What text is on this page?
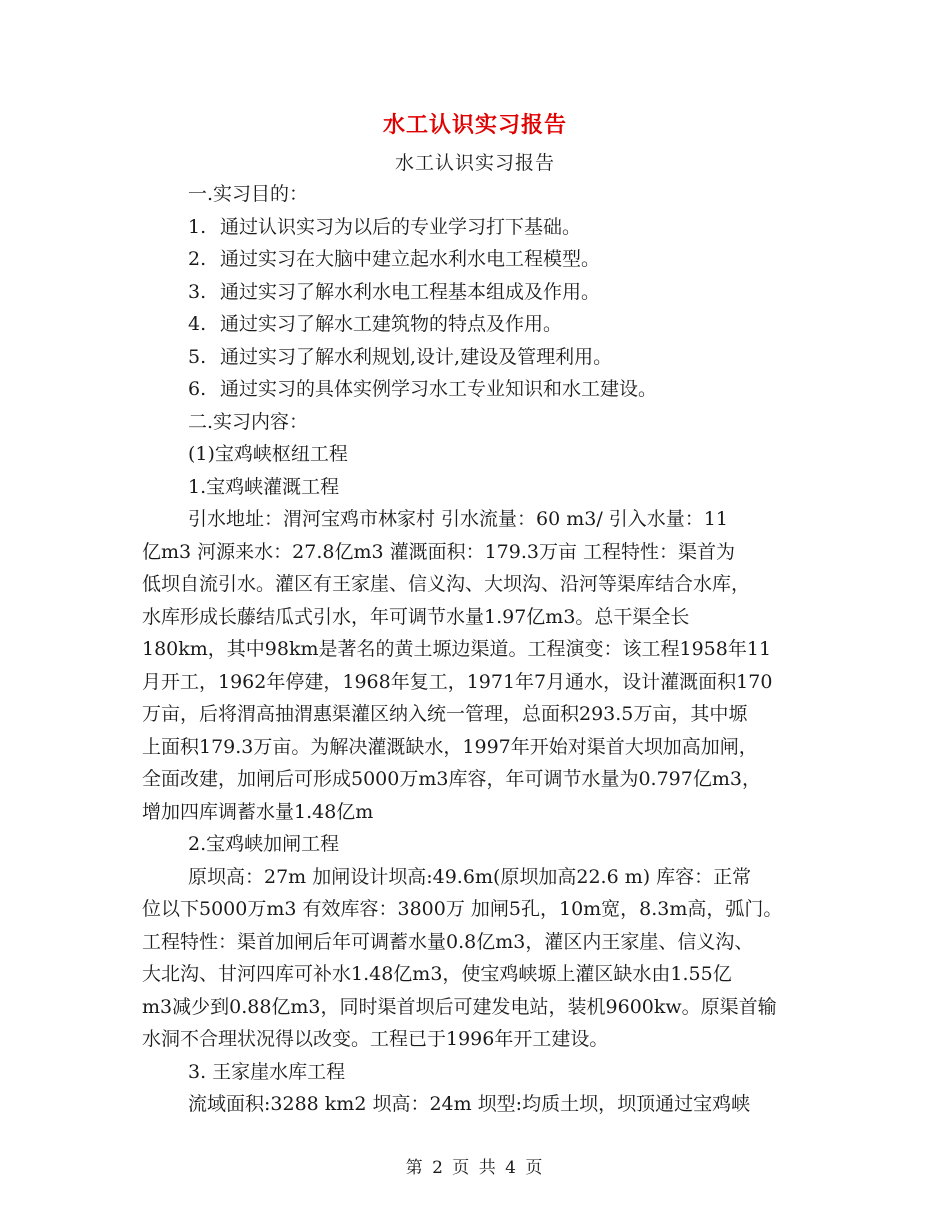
水工认识实习报告
水工认识实习报告
一.实习目的：
1. 通过认识实习为以后的专业学习打下基础。
2. 通过实习在大脑中建立起水利水电工程模型。
3. 通过实习了解水利水电工程基本组成及作用。
4. 通过实习了解水工建筑物的特点及作用。
5. 通过实习了解水利规划,设计,建设及管理利用。
6. 通过实习的具体实例学习水工专业知识和水工建设。
二.实习内容：
(1)宝鸡峡枢纽工程
1.宝鸡峡灌溉工程
引水地址：渭河宝鸡市林家村 引水流量：60 m3/ 引入水量：11
亿m3 河源来水：27.8亿m3 灌溉面积：179.3万亩 工程特性：渠首为
低坝自流引水。灌区有王家崖、信义沟、大坝沟、沿河等渠库结合水库，
水库形成长藤结瓜式引水，年可调节水量1.97亿m3。总干渠全长
180km，其中98km是著名的黄土塬边渠道。工程演变：该工程1958年11
月开工，1962年停建，1968年复工，1971年7月通水，设计灌溉面积170
万亩，后将渭高抽渭惠渠灌区纳入统一管理，总面积293.5万亩，其中塬
上面积179.3万亩。为解决灌溉缺水，1997年开始对渠首大坝加高加闸，
全面改建，加闸后可形成5000万m3库容，年可调节水量为0.797亿m3，
增加四库调蓄水量1.48亿m
2.宝鸡峡加闸工程
原坝高：27m 加闸设计坝高:49.6m(原坝加高22.6 m) 库容：正常
位以下5000万m3 有效库容：3800万 加闸5孔，10m宽，8.3m高，弧门。
工程特性：渠首加闸后年可调蓄水量0.8亿m3，灌区内王家崖、信义沟、
大北沟、甘河四库可补水1.48亿m3，使宝鸡峡塬上灌区缺水由1.55亿
m3减少到0.88亿m3，同时渠首坝后可建发电站，装机9600kw。原渠首输
水洞不合理状况得以改变。工程已于1996年开工建设。
3. 王家崖水库工程
流域面积:3288 km2 坝高：24m 坝型:均质土坝，坝顶通过宝鸡峡
第 2 页 共 4 页
